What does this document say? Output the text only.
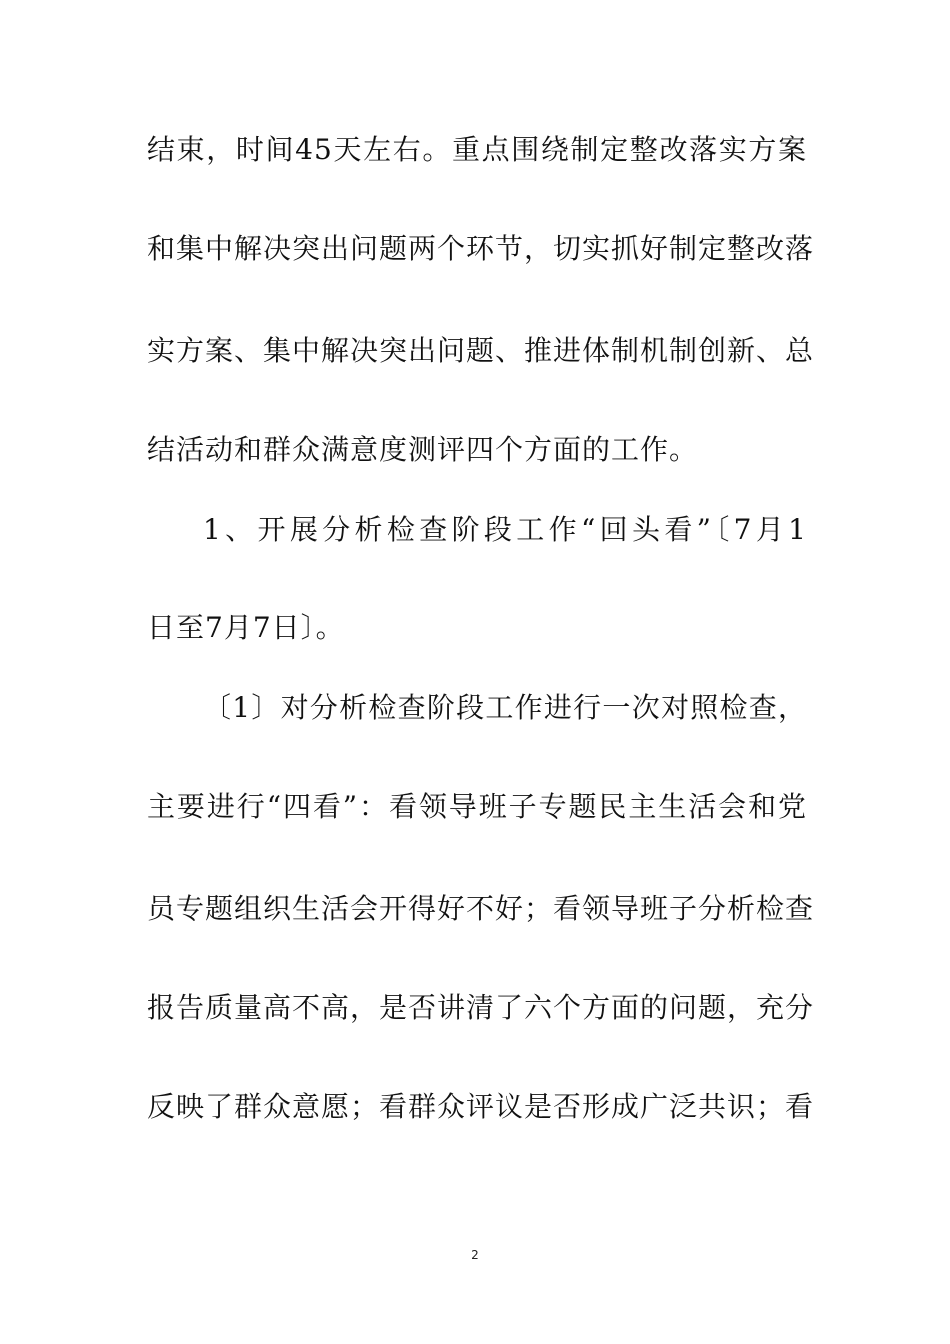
结束，时间45天左右。重点围绕制定整改落实方案
和集中解决突出问题两个环节，切实抓好制定整改落
实方案、集中解决突出问题、推进体制机制创新、总
结活动和群众满意度测评四个方面的工作。
1、开展分析检查阶段工作“回头看”〔7月1
日至7月7日〕。
〔1〕对分析检查阶段工作进行一次对照检查，
主要进行“四看”：看领导班子专题民主生活会和党
员专题组织生活会开得好不好；看领导班子分析检查
报告质量高不高，是否讲清了六个方面的问题，充分
反映了群众意愿；看群众评议是否形成广泛共识；看
2
